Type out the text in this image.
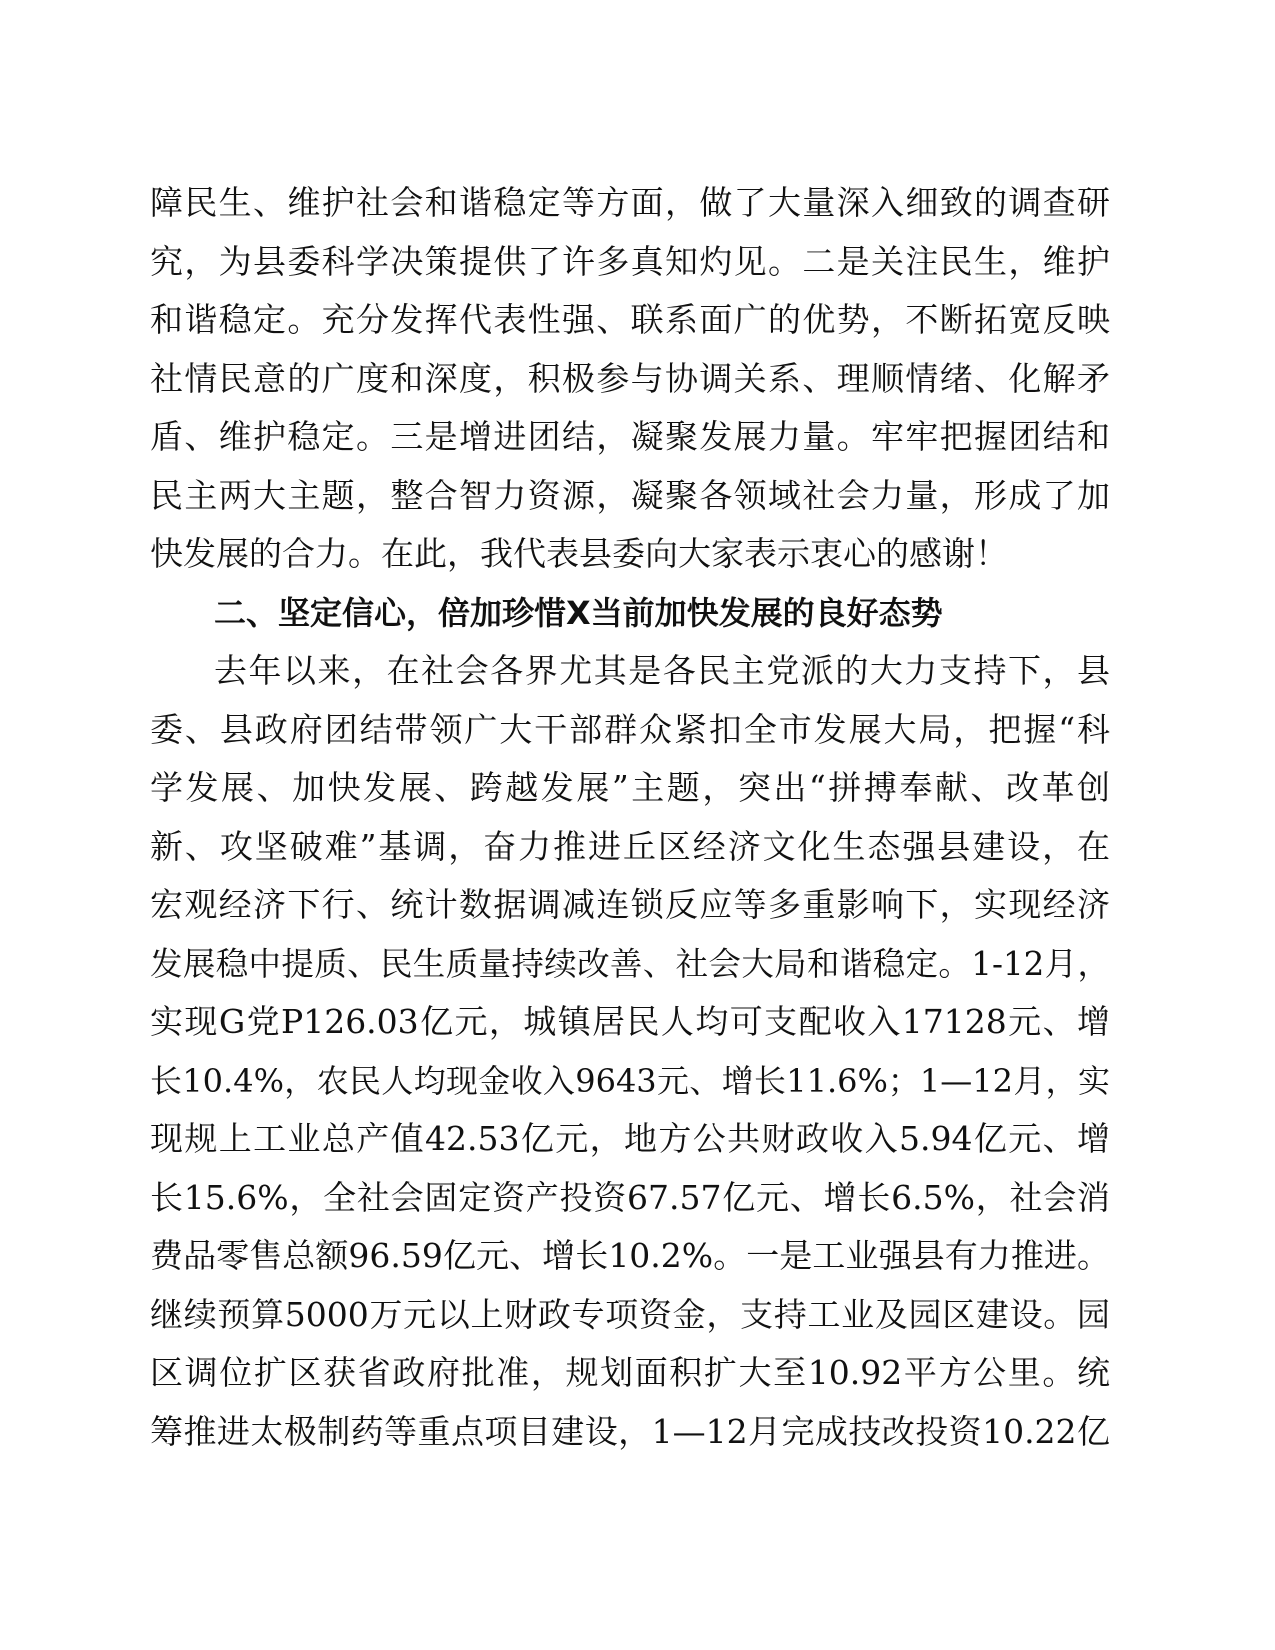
障民生、维护社会和谐稳定等方面，做了大量深入细致的调查研
究，为县委科学决策提供了许多真知灼见。二是关注民生，维护
和谐稳定。充分发挥代表性强、联系面广的优势，不断拓宽反映
社情民意的广度和深度，积极参与协调关系、理顺情绪、化解矛
盾、维护稳定。三是增进团结，凝聚发展力量。牢牢把握团结和
民主两大主题，整合智力资源，凝聚各领域社会力量，形成了加
快发展的合力。在此，我代表县委向大家表示衷心的感谢！
二、坚定信心，倍加珍惜X当前加快发展的良好态势
去年以来，在社会各界尤其是各民主党派的大力支持下，县
委、县政府团结带领广大干部群众紧扣全市发展大局，把握“科
学发展、加快发展、跨越发展”主题，突出“拼搏奉献、改革创
新、攻坚破难”基调，奋力推进丘区经济文化生态强县建设，在
宏观经济下行、统计数据调减连锁反应等多重影响下，实现经济
发展稳中提质、民生质量持续改善、社会大局和谐稳定。1-12月，
实现G党P126.03亿元，城镇居民人均可支配收入17128元、增
长10.4%，农民人均现金收入9643元、增长11.6%；1—12月，实
现规上工业总产值42.53亿元，地方公共财政收入5.94亿元、增
长15.6%，全社会固定资产投资67.57亿元、增长6.5%，社会消
费品零售总额96.59亿元、增长10.2%。一是工业强县有力推进。
继续预算5000万元以上财政专项资金，支持工业及园区建设。园
区调位扩区获省政府批准，规划面积扩大至10.92平方公里。统
筹推进太极制药等重点项目建设，1—12月完成技改投资10.22亿
